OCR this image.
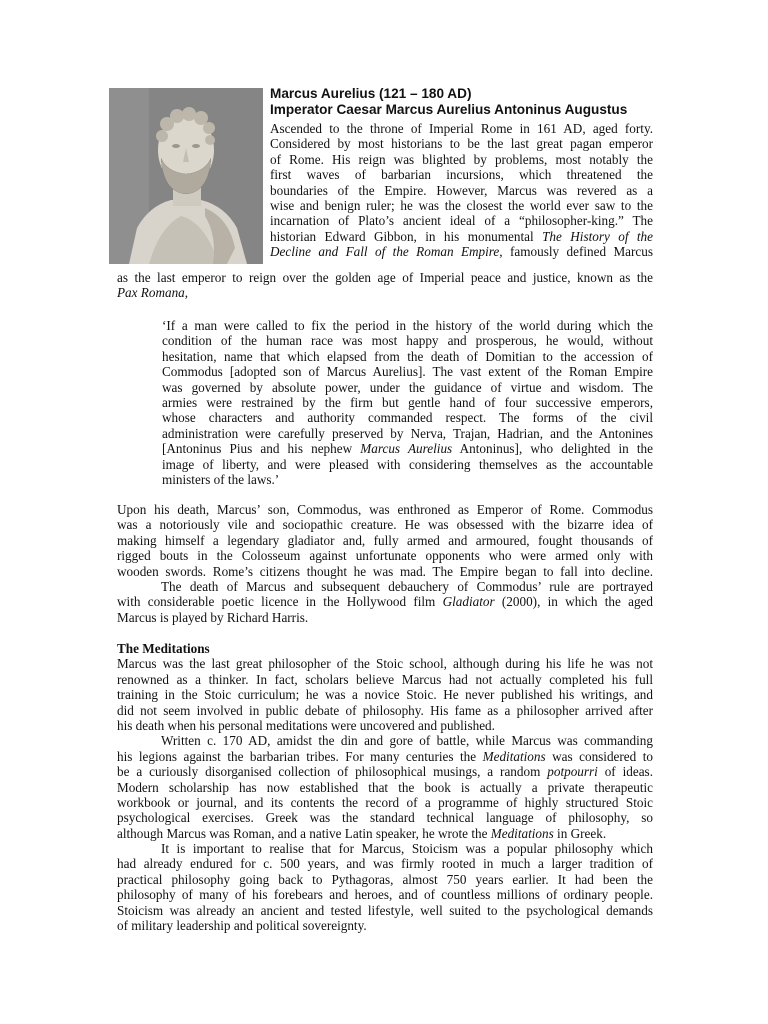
Marcus Aurelius (121 – 180 AD)
Imperator Caesar Marcus Aurelius Antoninus Augustus
Ascended to the throne of Imperial Rome in 161 AD, aged forty.
Considered by most historians to be the last great pagan emperor
of Rome. His reign was blighted by problems, most notably the
first waves of barbarian incursions, which threatened the
boundaries of the Empire. However, Marcus was revered as a
wise and benign ruler; he was the closest the world ever saw to the
incarnation of Plato’s ancient ideal of a “philosopher-king.” The
historian Edward Gibbon, in his monumental The History of the
Decline and Fall of the Roman Empire, famously defined Marcus
as the last emperor to reign over the golden age of Imperial peace and justice, known as the
Pax Romana,
‘If a man were called to fix the period in the history of the world during which the
condition of the human race was most happy and prosperous, he would, without
hesitation, name that which elapsed from the death of Domitian to the accession of
Commodus [adopted son of Marcus Aurelius]. The vast extent of the Roman Empire
was governed by absolute power, under the guidance of virtue and wisdom. The
armies were restrained by the firm but gentle hand of four successive emperors,
whose characters and authority commanded respect. The forms of the civil
administration were carefully preserved by Nerva, Trajan, Hadrian, and the Antonines
[Antoninus Pius and his nephew Marcus Aurelius Antoninus], who delighted in the
image of liberty, and were pleased with considering themselves as the accountable
ministers of the laws.’
Upon his death, Marcus’ son, Commodus, was enthroned as Emperor of Rome. Commodus
was a notoriously vile and sociopathic creature. He was obsessed with the bizarre idea of
making himself a legendary gladiator and, fully armed and armoured, fought thousands of
rigged bouts in the Colosseum against unfortunate opponents who were armed only with
wooden swords. Rome’s citizens thought he was mad. The Empire began to fall into decline.
The death of Marcus and subsequent debauchery of Commodus’ rule are portrayed
with considerable poetic licence in the Hollywood film Gladiator (2000), in which the aged
Marcus is played by Richard Harris.
The Meditations
Marcus was the last great philosopher of the Stoic school, although during his life he was not
renowned as a thinker. In fact, scholars believe Marcus had not actually completed his full
training in the Stoic curriculum; he was a novice Stoic. He never published his writings, and
did not seem involved in public debate of philosophy. His fame as a philosopher arrived after
his death when his personal meditations were uncovered and published.
Written c. 170 AD, amidst the din and gore of battle, while Marcus was commanding
his legions against the barbarian tribes. For many centuries the Meditations was considered to
be a curiously disorganised collection of philosophical musings, a random potpourri of ideas.
Modern scholarship has now established that the book is actually a private therapeutic
workbook or journal, and its contents the record of a programme of highly structured Stoic
psychological exercises. Greek was the standard technical language of philosophy, so
although Marcus was Roman, and a native Latin speaker, he wrote the Meditations in Greek.
It is important to realise that for Marcus, Stoicism was a popular philosophy which
had already endured for c. 500 years, and was firmly rooted in much a larger tradition of
practical philosophy going back to Pythagoras, almost 750 years earlier. It had been the
philosophy of many of his forebears and heroes, and of countless millions of ordinary people.
Stoicism was already an ancient and tested lifestyle, well suited to the psychological demands
of military leadership and political sovereignty.
